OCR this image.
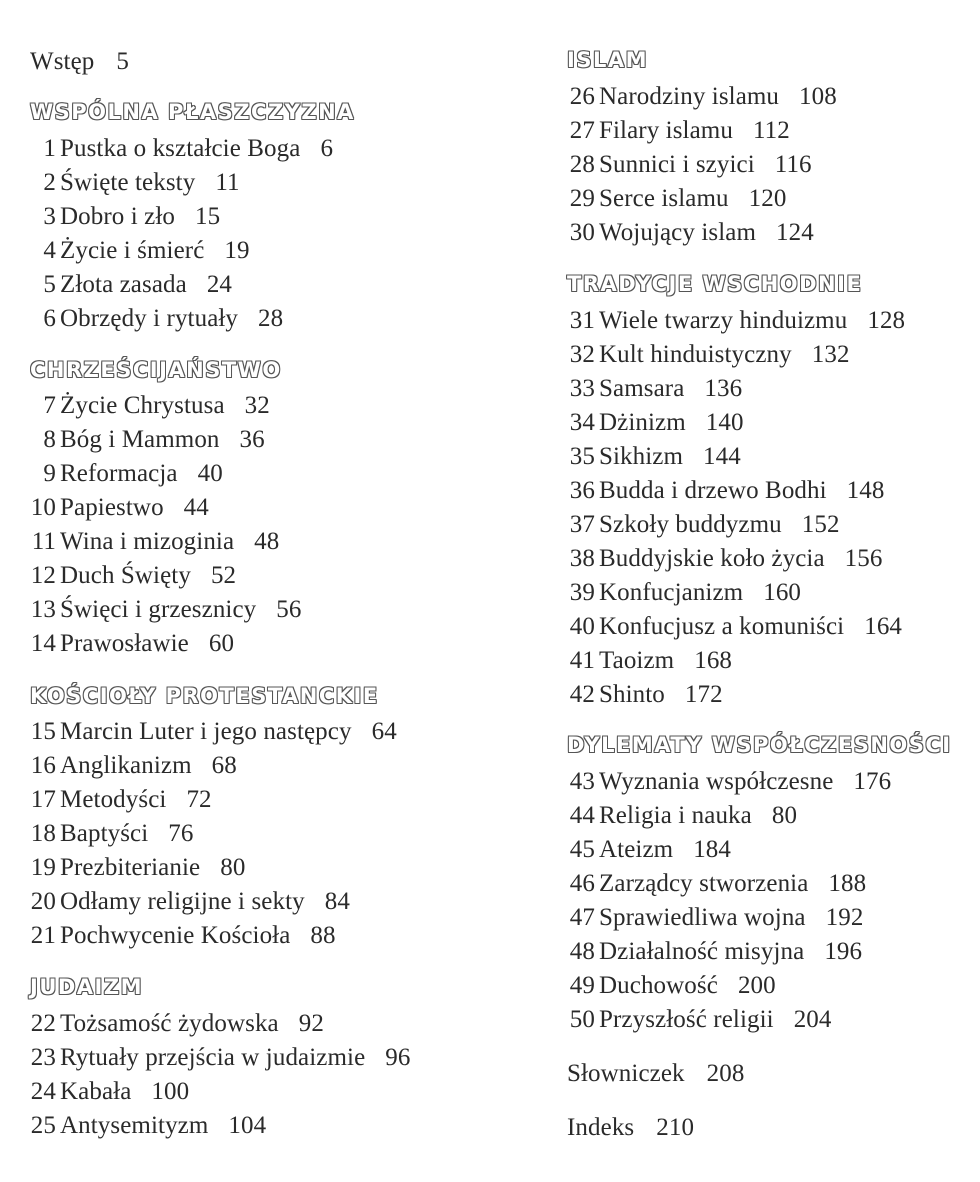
Wstęp 5
WSPÓLNA PŁASZCZYZNA
1 Pustka o kształcie Boga 6
2 Święte teksty 11
3 Dobro i zło 15
4 Życie i śmierć 19
5 Złota zasada 24
6 Obrzędy i rytuały 28
CHRZEŚCIJAŃSTWO
7 Życie Chrystusa 32
8 Bóg i Mammon 36
9 Reformacja 40
10 Papiestwo 44
11 Wina i mizoginia 48
12 Duch Święty 52
13 Święci i grzesznicy 56
14 Prawosławie 60
KOŚCIOŁY PROTESTANCKIE
15 Marcin Luter i jego następcy 64
16 Anglikanizm 68
17 Metodyści 72
18 Baptyści 76
19 Prezbiterianie 80
20 Odłamy religijne i sekty 84
21 Pochwycenie Kościoła 88
JUDAIZM
22 Tożsamość żydowska 92
23 Rytuały przejścia w judaizmie 96
24 Kabała 100
25 Antysemityzm 104
ISLAM
26 Narodziny islamu 108
27 Filary islamu 112
28 Sunnici i szyici 116
29 Serce islamu 120
30 Wojujący islam 124
TRADYCJE WSCHODNIE
31 Wiele twarzy hinduizmu 128
32 Kult hinduistyczny 132
33 Samsara 136
34 Dżinizm 140
35 Sikhizm 144
36 Budda i drzewo Bodhi 148
37 Szkoły buddyzmu 152
38 Buddyjskie koło życia 156
39 Konfucjanizm 160
40 Konfucjusz a komuniści 164
41 Taoizm 168
42 Shinto 172
DYLEMATY WSPÓŁCZESNOŚCI
43 Wyznania współczesne 176
44 Religia i nauka 80
45 Ateizm 184
46 Zarządcy stworzenia 188
47 Sprawiedliwa wojna 192
48 Działalność misyjna 196
49 Duchowość 200
50 Przyszłość religii 204
Słowniczek 208
Indeks 210
